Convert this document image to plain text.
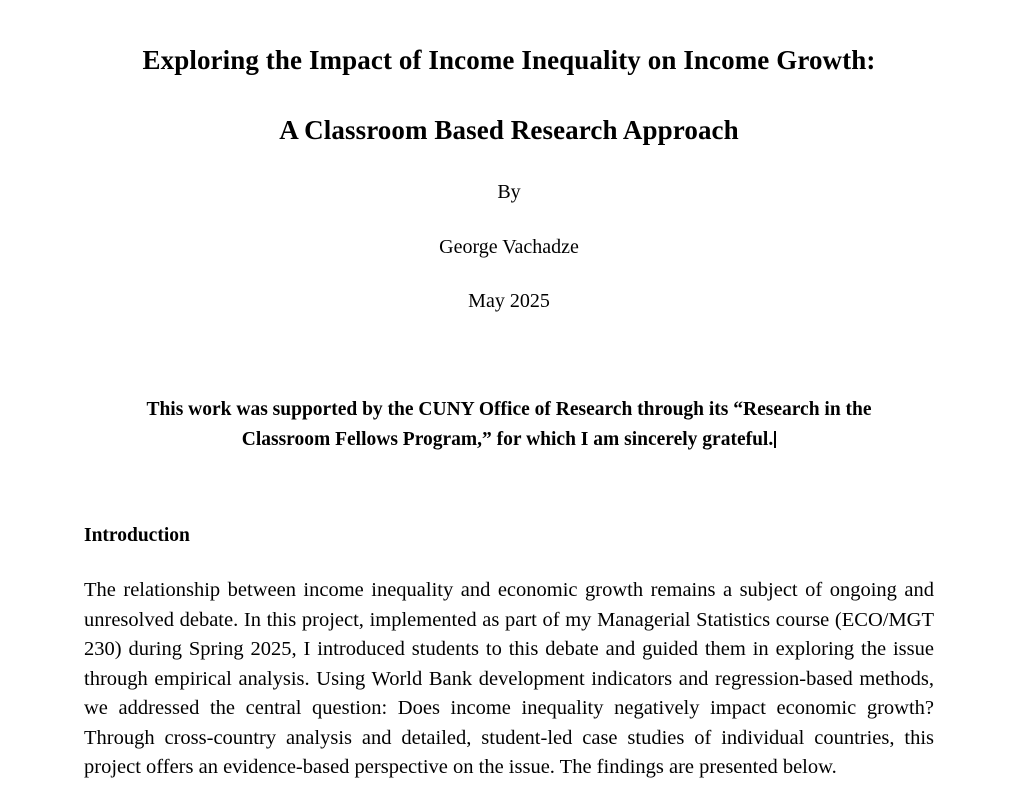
Exploring the Impact of Income Inequality on Income Growth:
A Classroom Based Research Approach
By
George Vachadze
May 2025
This work was supported by the CUNY Office of Research through its “Research in the Classroom Fellows Program,” for which I am sincerely grateful.
Introduction
The relationship between income inequality and economic growth remains a subject of ongoing and unresolved debate. In this project, implemented as part of my Managerial Statistics course (ECO/MGT 230) during Spring 2025, I introduced students to this debate and guided them in exploring the issue through empirical analysis. Using World Bank development indicators and regression-based methods, we addressed the central question: Does income inequality negatively impact economic growth? Through cross-country analysis and detailed, student-led case studies of individual countries, this project offers an evidence-based perspective on the issue. The findings are presented below.
